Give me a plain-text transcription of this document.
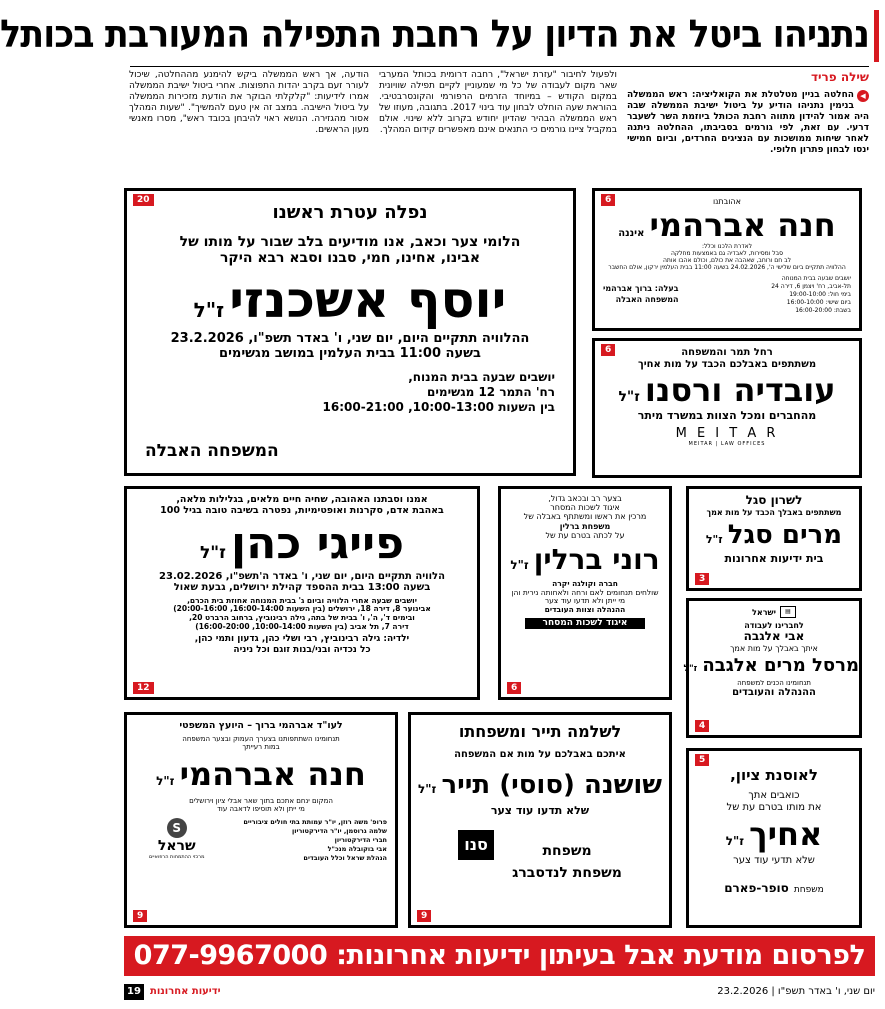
נתניהו ביטל את הדיון על רחבת התפילה המעורבת בכותל
שילה פריד
◀
החלטה בניין מטלטלת את הקואליציה: ראש הממשלה בנימין נתניהו הודיע על ביטול ישיבת הממשלה שבה היה אמור להידון מתווה רחבת הכותל ביוזמת השר לשעבר דרעי. עם זאת, לפי גורמים בסביבתו, ההחלטה ניתנה לאחר שיחות ממושכות עם הנציגים החרדים, וביום חמישי ינסו לבחון פתרון חלופי.
ולפעול לחיבור "עזרת ישראל", רחבה דרומית בכותל המערבי שאר מקום לעבודה של כל מי שמעוניין לקיים תפילה שוויונית במקום הקודש – במיוחד הזרמים הרפורמי והקונסרבטיבי. בהוראת שעה הוחלט לבחון עוד בינוי 2017. בתגובה, מעוזו של ראש הממשלה הבהיר שהדיון יחודש בקרוב ללא שינוי. אולם במקביל ציינו גורמים כי התנאים אינם מאפשרים קידום המהלך.
הודעה, אך ראש הממשלה ביקש להימנע מההחלטה, שיכול לעורר זעם בקרב יהדות התפוצות. אחרי ביטול ישיבת הממשלה אמרו לידיעות: "קלקלתי הבוקר את הודעת מזכירות הממשלה על ביטול הישיבה. במצב זה אין טעם להמשיך". "שעות המהלך אסור מהגזירה. הנושא ראוי להיבחן בכובד ראש", מסרו מאנשי מעון הראשים.
20
נפלה עטרת ראשנו
הלומי צער וכאב, אנו מודיעים בלב שבור על מותו של
אבינו, אחינו, חמי, סבנו וסבא רבא היקר
יוסף אשכנזי ז"ל
ההלוויה תתקיים היום, יום שני, ו' באדר תשפ"ו, 23.2.2026
בשעה 11:00 בבית העלמין במושב מגשימים
יושבים שבעה בבית המנוח,
רח' התמר 12 מגשימים
בין השעות 10:00-13:00, 16:00-21:00
המשפחה האבלה
6	אהובתנו
חנה אברהמי איננה
לאדרת הלכנו וכלל:
סבל ומסירות, לאבדיה גם באמצעות מחלקה
לב חם ורוחב, שאהבה את כולם, וכולם אהבו אותה
ההלוויה תתקיים ביום שלישי ה', 24.02.2026 בשעה 11:00 בבית העלמין ירקון, אולם החשבר
יושבים שבעה בבית המנוחה
תל-אביב, רח' ויצמן 6, דירה 24
בימי חול: 19:00-10:00
ביום שישי: 16:00-10:00
בשבת: 16:00-20:00
בעלה: ברוך אברהמי
המשפחה האבלה
6	רחל תמר והמשפחה
משתתפים באבלכם הכבד על מות אחיך
עובדיה ורסנו ז"ל
מהחברים ומכל הצוות במשרד מיתר
M E I T A R
MEITAR | LAW OFFICES
12
אמנו וסבתנו האהובה, שחיה חיים מלאים, בגלילות מלאה,
באהבת אדם, סקרנות ואופטימיות, נפטרה בשיבה טובה בגיל 100
פייגי כהן ז"ל
הלוויה תתקיים היום, יום שני, ו' באדר ה'תשפ"ו, 23.02.2026
בשעה 13:00 בבית ההספד קהילת ירושלים, גבעת שאול
יושבים שבעה אחרי הלוויה וביום ג' בבית המנוחה אחוזת בית הכרם,
אבינוער 8, דירה 18, ירושלים (בין השעות 16:00-14:00, 20:00-16:00)
ובימים ד', ה', ו' בבית של בתה, גילה רבינוביץ, ברחוב הרברט 20,
דירה 7, תל אביב (בין השעות 10:00-14:00, 16:00-20:00)
ילדיה: גילה רבינוביץ, רבי ושלי כהן, גדעון ותמי כהן,
כל נכדיה ובני/בנות זוגם וכל ניניה
6
בצער רב ובכאב גדול,
איגוד לשכות המסחר
מרכין את ראשו ומשתתף באבלה של
משפחת ברלין
על לכתה בטרם עת של
רוני ברלין ז"ל
חברה וקולגה יקרה
שולחים תנחומים לאם ורחה ולאחותה נירית והן
מי ייתן ולא תדעו עוד צער
ההנהלה וצוות העובדים
איגוד לשכות המסחר
3
לשרון סגל
משתתפים באבלך הכבד על מות אמך
מרים סגל ז"ל
בית ידיעות אחרונות
4
▤
ישראל
לחברינו לעבודה
אבי אלגבה
איתך באבלך על מות אמך
מרסל מרים אלגבה ז"ל
תנחומינו הכנים למשפחה
ההנהלה והעובדים
9
לעו"ד אברהמי ברוך – היועץ המשפטי
תנחומינו השתתפותנו בצערך העמוק ובצער המשפחה
במות רעייתך
חנה אברהמי ז"ל
המקום ינחם אתכם בתוך שאר אבלי ציון וירושלים
מי ייתן ולא תוסיפו לדאבה עוד
פרופ' משה רוזן, יו"ר עמותת בתי חולים ציבוריים
שלמה גרוסמן, יו"ר הדירקטוריון
חברי הדירקטוריון
אבי בוקובלה מנכ"ל
הנהלת שראל וכלל העובדים
S
שראל
מרכזי ההתמחות הרפואיים
9
לשלמה תייר ומשפחתו
איתכם באבלכם על מות אם המשפחה
שושנה (סוסי) תייר ז"ל
שלא תדעו עוד צער
משפחת
משפחת לנדסברג
סנו
5
לאוסנת ציון,
כואבים אתך
את מותו בטרם עת של
אחיך ז"ל
שלא תדעי עוד צער
משפחת סופר-פארם
לפרסום מודעת אבל בעיתון ידיעות אחרונות: 077-9967000
יום שני, ו' באדר תשפ"ו | 23.2.2026
ידיעות אחרונות
19
